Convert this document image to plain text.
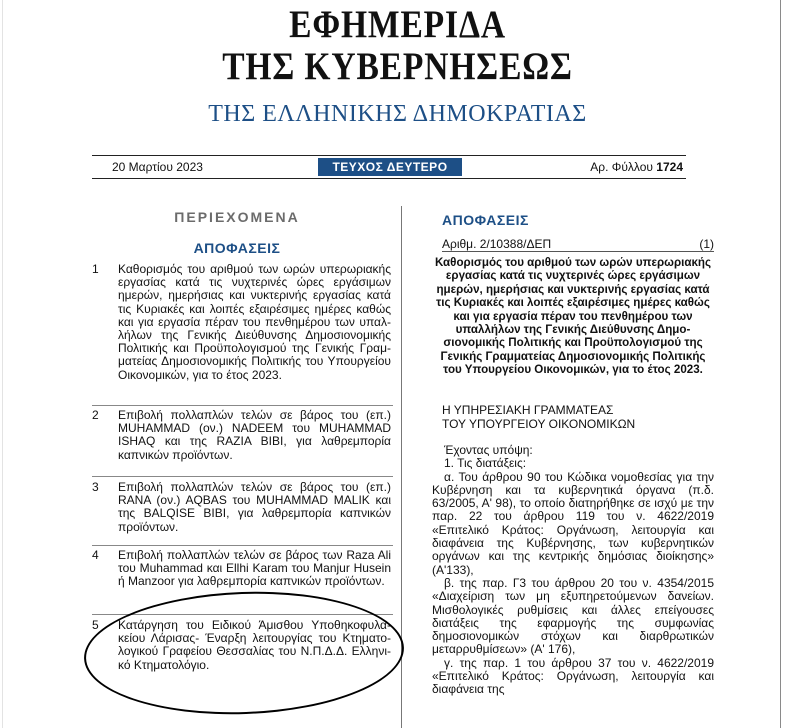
ΕΦΗΜΕΡΙΔΑ
ΤΗΣ ΚΥΒΕΡΝΗΣΕΩΣ
ΤΗΣ ΕΛΛΗΝΙΚΗΣ ΔΗΜΟΚΡΑΤΙΑΣ
20 Μαρτίου 2023	ΤΕΥΧΟΣ ΔΕΥΤΕΡΟ	Αρ. Φύλλου 1724
ΠΕΡΙΕΧΟΜΕΝΑ
ΑΠΟΦΑΣΕΙΣ
1	Καθορισμός του αριθμού των ωρών υπερωριακής εργασίας κατά τις νυχτερινές ώρες εργάσιμων ημερών, ημερήσιας και νυκτερινής εργασίας κατά τις Κυριακές και λοιπές εξαιρέσιμες ημέρες καθώς και για εργασία πέραν του πενθημέρου των υπαλλήλων της Γενικής Διεύθυνσης Δημοσιονομικής Πολιτικής και Προϋπολογισμού της Γενικής Γραμματείας Δημοσιονομικής Πολιτικής του Υπουργείου Οικονομικών, για το έτος 2023.
2	Επιβολή πολλαπλών τελών σε βάρος του (επ.) MUHAMMAD (ον.) NADEEM του MUHAMMAD ISHAQ και της RAZIA BIBI, για λαθρεμπορία καπνικών προϊόντων.
3	Επιβολή πολλαπλών τελών σε βάρος του (επ.) RANA (ον.) AQBAS του MUHAMMAD MALIK και της BALQISE BIBI, για λαθρεμπορία καπνικών προϊόντων.
4	Επιβολή πολλαπλών τελών σε βάρος των Raza Ali του Muhammad και Ellhi Karam του Manjur Husein ή Manzoor για λαθρεμπορία καπνικών προϊόντων.
5	Κατάργηση του Ειδικού Άμισθου Υποθηκοφυλακείου Λάρισας- Έναρξη λειτουργίας του Κτηματολογικού Γραφείου Θεσσαλίας του Ν.Π.Δ.Δ. Ελληνικό Κτηματολόγιο.
ΑΠΟΦΑΣΕΙΣ
Αριθμ. 2/10388/ΔΕΠ	(1)
Καθορισμός του αριθμού των ωρών υπερωριακής εργασίας κατά τις νυχτερινές ώρες εργάσιμων ημερών, ημερήσιας και νυκτερινής εργασίας κατά τις Κυριακές και λοιπές εξαιρέσιμες ημέρες καθώς και για εργασία πέραν του πενθημέρου των υπαλλήλων της Γενικής Διεύθυνσης Δημοσιονομικής Πολιτικής και Προϋπολογισμού της Γενικής Γραμματείας Δημοσιονομικής Πολιτικής του Υπουργείου Οικονομικών, για το έτος 2023.
Η ΥΠΗΡΕΣΙΑΚΗ ΓΡΑΜΜΑΤΕΑΣ
ΤΟΥ ΥΠΟΥΡΓΕΙΟΥ ΟΙΚΟΝΟΜΙΚΩΝ

Έχοντας υπόψη:

1. Τις διατάξεις:

α. Του άρθρου 90 του Κώδικα νομοθεσίας για την Κυβέρνηση και τα κυβερνητικά όργανα (π.δ. 63/2005, Α' 98), το οποίο διατηρήθηκε σε ισχύ με την παρ. 22 του άρθρου 119 του ν. 4622/2019 «Επιτελικό Κράτος: Οργάνωση, λειτουργία και διαφάνεια της Κυβέρνησης, των κυβερνητικών οργάνων και της κεντρικής δημόσιας διοίκησης» (Α'133),

β. της παρ. Γ3 του άρθρου 20 του ν. 4354/2015 «Διαχείριση των μη εξυπηρετούμενων δανείων. Μισθολογικές ρυθμίσεις και άλλες επείγουσες διατάξεις της εφαρμογής της συμφωνίας δημοσιονομικών στόχων και διαρθρωτικών μεταρρυθμίσεων» (Α' 176),

γ. της παρ. 1 του άρθρου 37 του ν. 4622/2019 «Επιτελικό Κράτος: Οργάνωση, λειτουργία και διαφάνεια της
